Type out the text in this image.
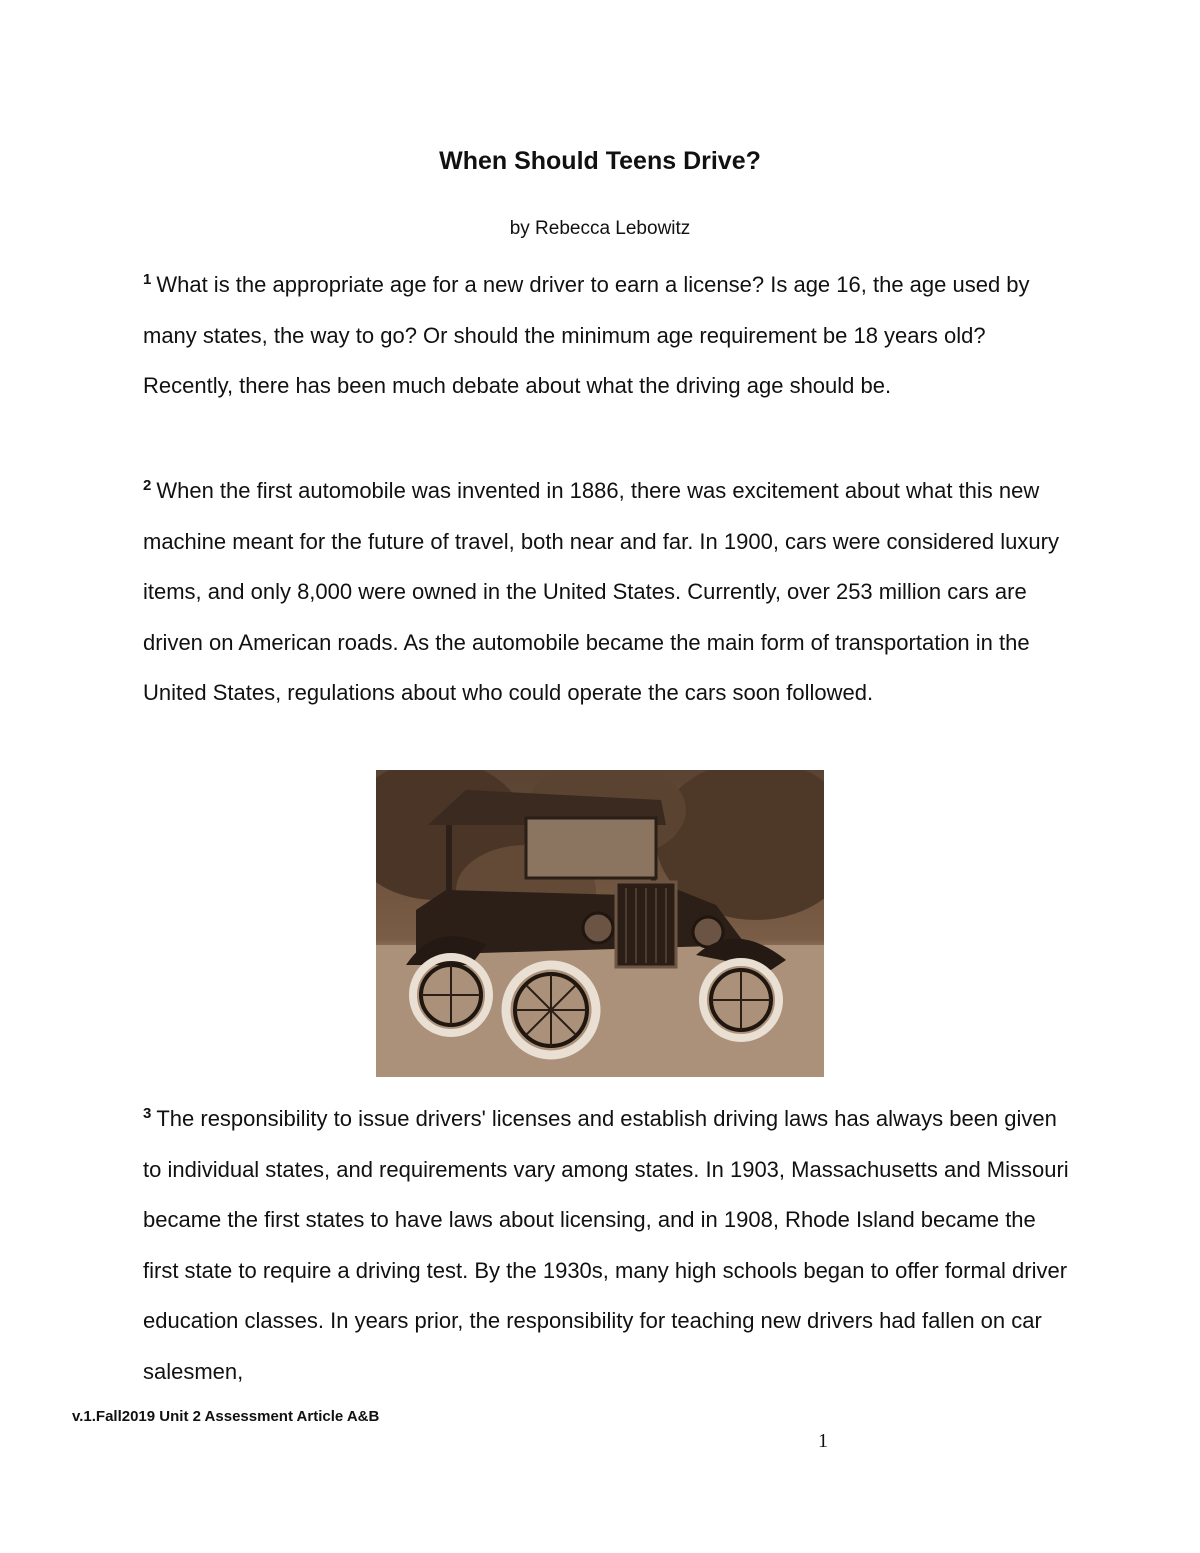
When Should Teens Drive?
by Rebecca Lebowitz
$^1$ What is the appropriate age for a new driver to earn a license? Is age 16, the age used by many states, the way to go? Or should the minimum age requirement be 18 years old? Recently, there has been much debate about what the driving age should be.
$^2$ When the first automobile was invented in 1886, there was excitement about what this new machine meant for the future of travel, both near and far. In 1900, cars were considered luxury items, and only 8,000 were owned in the United States. Currently, over 253 million cars are driven on American roads. As the automobile became the main form of transportation in the United States, regulations about who could operate the cars soon followed.
$^3$ The responsibility to issue drivers' licenses and establish driving laws has always been given to individual states, and requirements vary among states. In 1903, Massachusetts and Missouri became the first states to have laws about licensing, and in 1908, Rhode Island became the first state to require a driving test. By the 1930s, many high schools began to offer formal driver education classes. In years prior, the responsibility for teaching new drivers had fallen on car salesmen,
v.1.Fall2019 Unit 2 Assessment Article A&B
1
